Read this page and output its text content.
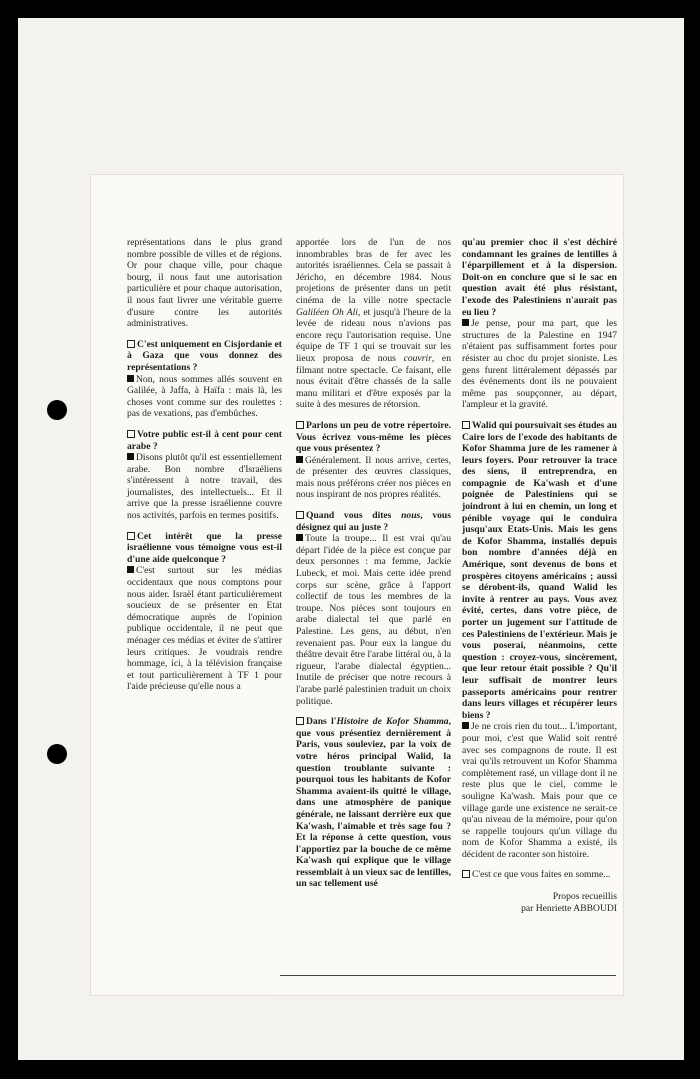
représentations dans le plus grand nombre possible de villes et de régions. Or pour chaque ville, pour chaque bourg, il nous faut une autorisation particulière et pour chaque autorisation, il nous faut livrer une véritable guerre d'usure contre les autorités administratives.

C'est uniquement en Cisjordanie et à Gaza que vous donnez des représentations ?

Non, nous sommes allés souvent en Galilée, à Jaffa, à Haïfa : mais là, les choses vont comme sur des roulettes : pas de vexations, pas d'embûches.

Votre public est-il à cent pour cent arabe ?

Disons plutôt qu'il est essentiellement arabe. Bon nombre d'Israéliens s'intéressent à notre travail, des journalistes, des intellectuels... Et il arrive que la presse israélienne couvre nos activités, parfois en termes positifs.

Cet intérêt que la presse israélienne vous témoigne vous est-il d'une aide quelconque ?

C'est surtout sur les médias occidentaux que nous comptons pour nous aider. Israël étant particulièrement soucieux de se présenter en Etat démocratique auprès de l'opinion publique occidentale, il ne peut que ménager ces médias et éviter de s'attirer leurs critiques. Je voudrais rendre hommage, ici, à la télévision française et tout particulièrement à TF 1 pour l'aide précieuse qu'elle nous a

apportée lors de l'un de nos innombrables bras de fer avec les autorités israéliennes. Cela se passait à Jéricho, en décembre 1984. Nous projetions de présenter dans un petit cinéma de la ville notre spectacle Galiléen Oh Ali, et jusqu'à l'heure de la levée de rideau nous n'avions pas encore reçu l'autorisation requise. Une équipe de TF 1 qui se trouvait sur les lieux proposa de nous couvrir, en filmant notre spectacle. Ce faisant, elle nous évitait d'être chassés de la salle manu militari et d'être exposés par la suite à des mesures de rétorsion.

Parlons un peu de votre répertoire. Vous écrivez vous-même les pièces que vous présentez ?

Généralement. Il nous arrive, certes, de présenter des œuvres classiques, mais nous préférons créer nos pièces en nous inspirant de nos propres réalités.

Quand vous dites nous, vous désignez qui au juste ?

Toute la troupe... Il est vrai qu'au départ l'idée de la pièce est conçue par deux personnes : ma femme, Jackie Lubeck, et moi. Mais cette idée prend corps sur scène, grâce à l'apport collectif de tous les membres de la troupe. Nos pièces sont toujours en arabe dialectal tel que parlé en Palestine. Les gens, au début, n'en revenaient pas. Pour eux la langue du théâtre devait être l'arabe littéral ou, à la rigueur, l'arabe dialectal égyptien... Inutile de préciser que notre recours à l'arabe parlé palestinien traduit un choix politique.

Dans l'Histoire de Kofor Shamma, que vous présentiez dernièrement à Paris, vous souleviez, par la voix de votre héros principal Walid, la question troublante suivante : pourquoi tous les habitants de Kofor Shamma avaient-ils quitté le village, dans une atmosphère de panique générale, ne laissant derrière eux que Ka'wash, l'aimable et très sage fou ? Et la réponse à cette question, vous l'apportiez par la bouche de ce même Ka'wash qui explique que le village ressemblait à un vieux sac de lentilles, un sac tellement usé

qu'au premier choc il s'est déchiré condamnant les graines de lentilles à l'éparpillement et à la dispersion. Doit-on en conclure que si le sac en question avait été plus résistant, l'exode des Palestiniens n'aurait pas eu lieu ?

Je pense, pour ma part, que les structures de la Palestine en 1947 n'étaient pas suffisamment fortes pour résister au choc du projet sioniste. Les gens furent littéralement dépassés par des événements dont ils ne pouvaient même pas soupçonner, au départ, l'ampleur et la gravité.

Walid qui poursuivait ses études au Caire lors de l'exode des habitants de Kofor Shamma jure de les ramener à leurs foyers. Pour retrouver la trace des siens, il entreprendra, en compagnie de Ka'wash et d'une poignée de Palestiniens qui se joindront à lui en chemin, un long et pénible voyage qui le conduira jusqu'aux Etats-Unis. Mais les gens de Kofor Shamma, installés depuis bon nombre d'années déjà en Amérique, sont devenus de bons et prospères citoyens américains ; aussi se dérobent-ils, quand Walid les invite à rentrer au pays. Vous avez évité, certes, dans votre pièce, de porter un jugement sur l'attitude de ces Palestiniens de l'extérieur. Mais je vous poserai, néanmoins, cette question : croyez-vous, sincèrement, que leur retour était possible ? Qu'il leur suffisait de montrer leurs passeports américains pour rentrer dans leurs villages et récupérer leurs biens ?

Je ne crois rien du tout... L'important, pour moi, c'est que Walid soit rentré avec ses compagnons de route. Il est vrai qu'ils retrouvent un Kofor Shamma complètement rasé, un village dont il ne reste plus que le ciel, comme le souligne Ka'wash. Mais pour que ce village garde une existence ne serait-ce qu'au niveau de la mémoire, pour qu'on se rappelle toujours qu'un village du nom de Kofor Shamma a existé, ils décident de raconter son histoire.

C'est ce que vous faites en somme...

Propos recueillis
par Henriette ABBOUDI
